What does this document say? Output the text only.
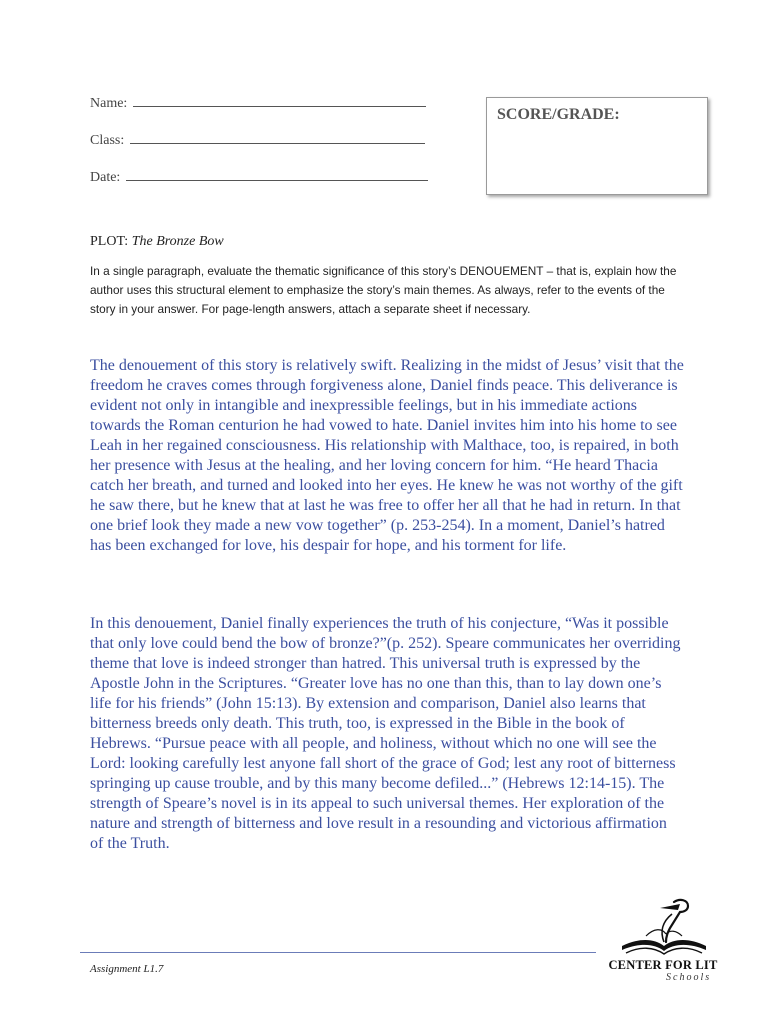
Name:
Class:
Date:
SCORE/GRADE:
PLOT: The Bronze Bow
In a single paragraph, evaluate the thematic significance of this story’s DENOUEMENT – that is, explain how the author uses this structural element to emphasize the story’s main themes. As always, refer to the events of the story in your answer. For page-length answers, attach a separate sheet if necessary.

The denouement of this story is relatively swift. Realizing in the midst of Jesus’ visit that the freedom he craves comes through forgiveness alone, Daniel finds peace. This deliverance is evident not only in intangible and inexpressible feelings, but in his immediate actions towards the Roman centurion he had vowed to hate. Daniel invites him into his home to see Leah in her regained consciousness. His relationship with Malthace, too, is repaired, in both her presence with Jesus at the healing, and her loving concern for him. “He heard Thacia catch her breath, and turned and looked into her eyes. He knew he was not worthy of the gift he saw there, but he knew that at last he was free to offer her all that he had in return. In that one brief look they made a new vow together” (p. 253-254). In a moment, Daniel’s hatred has been exchanged for love, his despair for hope, and his torment for life.

In this denouement, Daniel finally experiences the truth of his conjecture, “Was it possible that only love could bend the bow of bronze?”(p. 252). Speare communicates her overriding theme that love is indeed stronger than hatred. This universal truth is expressed by the Apostle John in the Scriptures. “Greater love has no one than this, than to lay down one’s life for his friends” (John 15:13). By extension and comparison, Daniel also learns that bitterness breeds only death. This truth, too, is expressed in the Bible in the book of Hebrews. “Pursue peace with all people, and holiness, without which no one will see the Lord: looking carefully lest anyone fall short of the grace of God; lest any root of bitterness springing up cause trouble, and by this many become defiled...” (Hebrews 12:14-15). The strength of Speare’s novel is in its appeal to such universal themes. Her exploration of the nature and strength of bitterness and love result in a resounding and victorious affirmation of the Truth.

Assignment L1.7	CENTER FOR LIT
Schools
